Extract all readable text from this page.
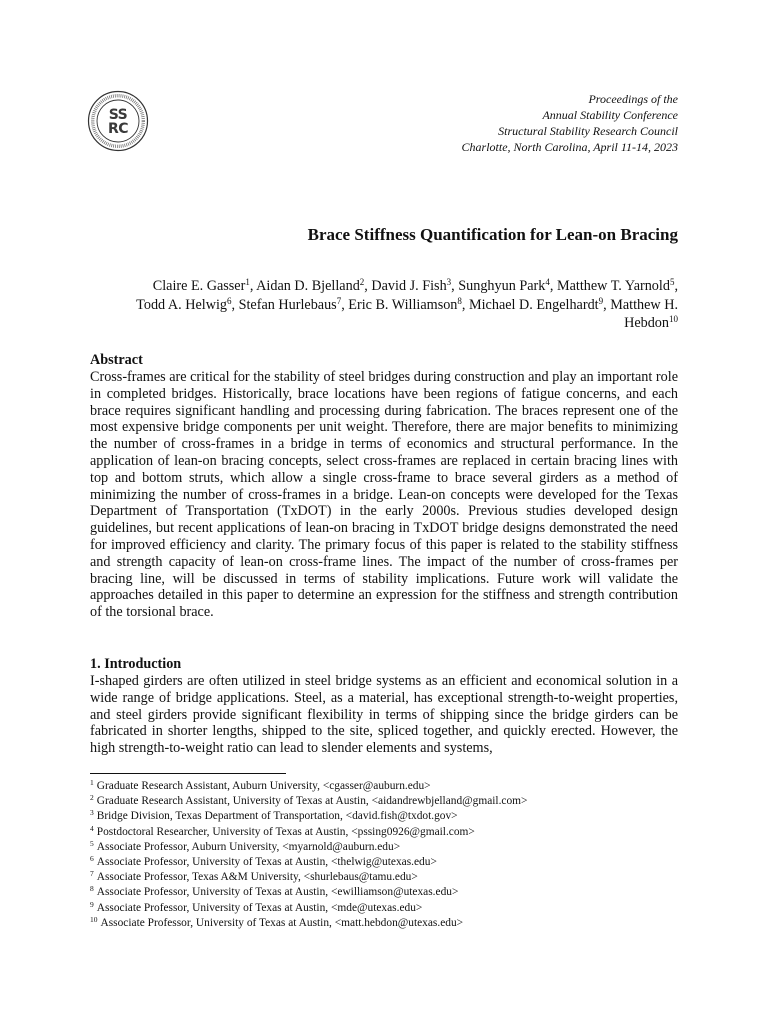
SS
RC
Proceedings of the
Annual Stability Conference
Structural Stability Research Council
Charlotte, North Carolina, April 11-14, 2023
Brace Stiffness Quantification for Lean-on Bracing
Claire E. Gasser$^1$, Aidan D. Bjelland$^2$, David J. Fish$^3$, Sunghyun Park$^4$, Matthew T. Yarnold$^5$,
Todd A. Helwig$^6$, Stefan Hurlebaus$^7$, Eric B. Williamson$^8$, Michael D. Engelhardt$^9$, Matthew H.
Hebdon$^{10}$
Abstract

Cross-frames are critical for the stability of steel bridges during construction and play an important role in completed bridges. Historically, brace locations have been regions of fatigue concerns, and each brace requires significant handling and processing during fabrication. The braces represent one of the most expensive bridge components per unit weight. Therefore, there are major benefits to minimizing the number of cross-frames in a bridge in terms of economics and structural performance. In the application of lean-on bracing concepts, select cross-frames are replaced in certain bracing lines with top and bottom struts, which allow a single cross-frame to brace several girders as a method of minimizing the number of cross-frames in a bridge. Lean-on concepts were developed for the Texas Department of Transportation (TxDOT) in the early 2000s. Previous studies developed design guidelines, but recent applications of lean-on bracing in TxDOT bridge designs demonstrated the need for improved efficiency and clarity. The primary focus of this paper is related to the stability stiffness and strength capacity of lean-on cross-frame lines. The impact of the number of cross-frames per bracing line, will be discussed in terms of stability implications. Future work will validate the approaches detailed in this paper to determine an expression for the stiffness and strength contribution of the torsional brace.

1. Introduction

I-shaped girders are often utilized in steel bridge systems as an efficient and economical solution in a wide range of bridge applications. Steel, as a material, has exceptional strength-to-weight properties, and steel girders provide significant flexibility in terms of shipping since the bridge girders can be fabricated in shorter lengths, shipped to the site, spliced together, and quickly erected. However, the high strength-to-weight ratio can lead to slender elements and systems,

$^1$ Graduate Research Assistant, Auburn University, <cgasser@auburn.edu>
$^2$ Graduate Research Assistant, University of Texas at Austin, <aidandrewbjelland@gmail.com>
$^3$ Bridge Division, Texas Department of Transportation, <david.fish@txdot.gov>
$^4$ Postdoctoral Researcher, University of Texas at Austin, <pssing0926@gmail.com>
$^5$ Associate Professor, Auburn University, <myarnold@auburn.edu>
$^6$ Associate Professor, University of Texas at Austin, <thelwig@utexas.edu>
$^7$ Associate Professor, Texas A&M University, <shurlebaus@tamu.edu>
$^8$ Associate Professor, University of Texas at Austin, <ewilliamson@utexas.edu>
$^9$ Associate Professor, University of Texas at Austin, <mde@utexas.edu>
$^{10}$ Associate Professor, University of Texas at Austin, <matt.hebdon@utexas.edu>
